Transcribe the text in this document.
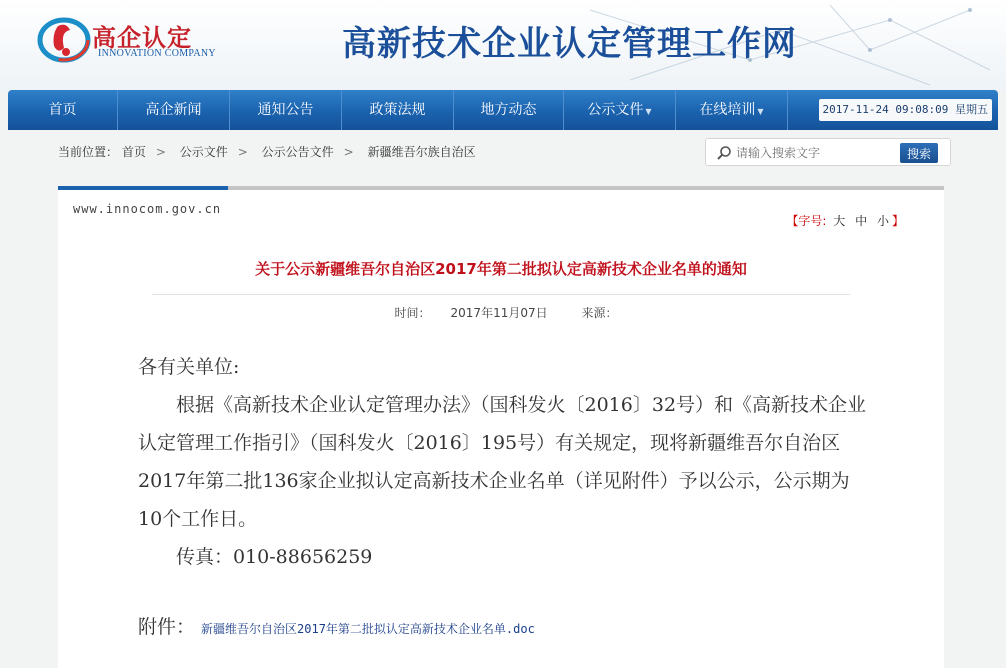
高企认定
INNOVATION COMPANY	高新技术企业认定管理工作网
首页	高企新闻	通知公告	政策法规	地方动态	公示文件 ▼	在线培训 ▼	2017-11-24 09:08:09 星期五
当前位置： 首页 > 公示文件 > 公示公告文件 > 新疆维吾尔族自治区
请输入搜索文字	搜索
www.innocom.gov.cn
【字号: 大 中 小 】
关于公示新疆维吾尔自治区2017年第二批拟认定高新技术企业名单的通知
时间： 2017年11月07日	来源：

各有关单位:

根据《高新技术企业认定管理办法》（国科发火〔2016〕32号）和《高新技术企业认定管理工作指引》（国科发火〔2016〕195号）有关规定，现将新疆维吾尔自治区2017年第二批136家企业拟认定高新技术企业名单（详见附件）予以公示，公示期为10个工作日。

传真：010-88656259

附件： 新疆维吾尔自治区2017年第二批拟认定高新技术企业名单.doc
